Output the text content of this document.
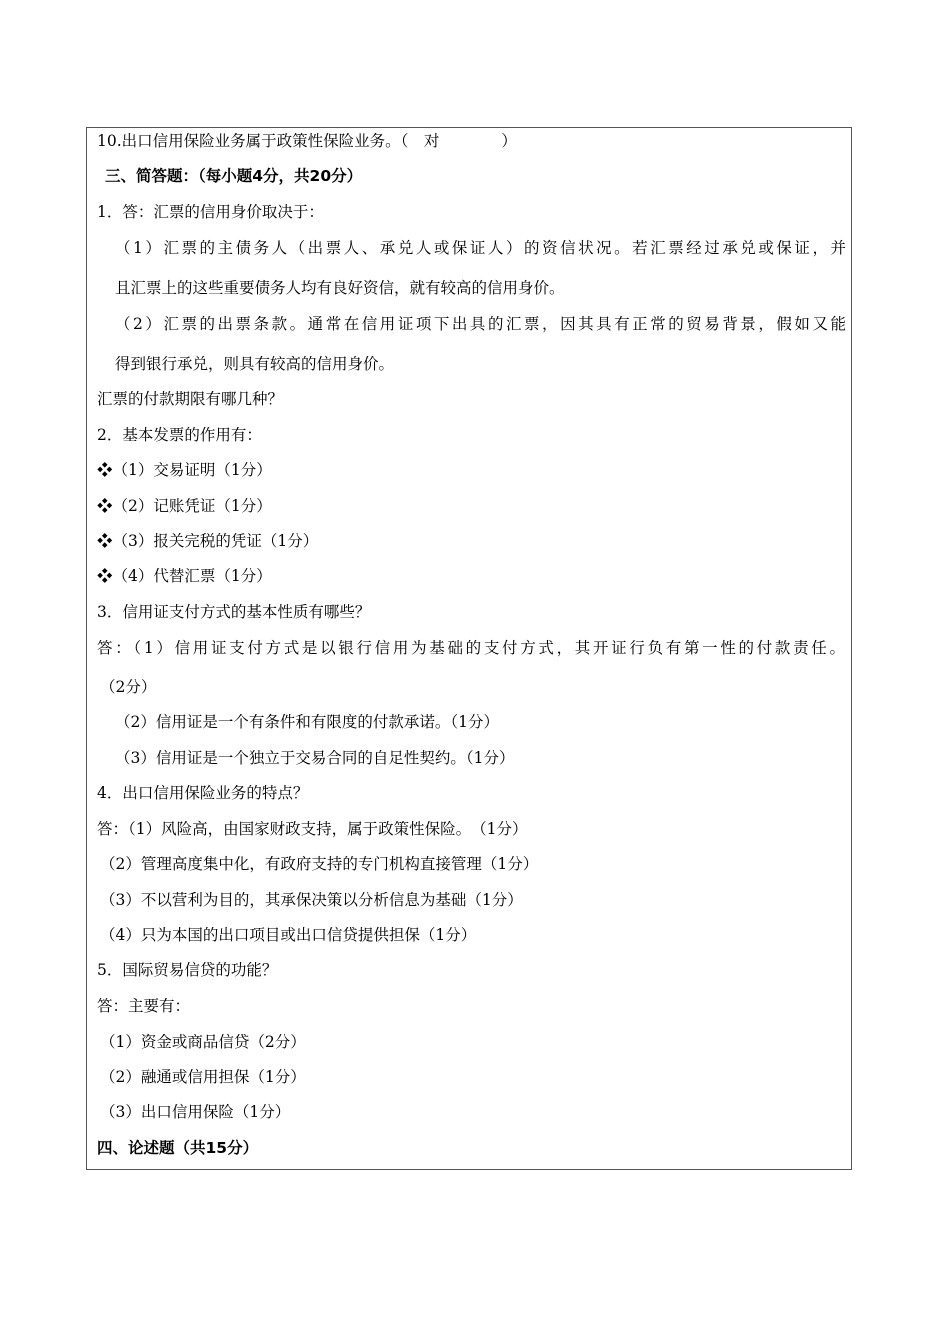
10.出口信用保险业务属于政策性保险业务。（　对　　　　）
三、简答题：（每小题4分，共20分）
1．答：汇票的信用身价取决于：
（1）汇票的主债务人（出票人、承兑人或保证人）的资信状况。若汇票经过承兑或保证，并
且汇票上的这些重要债务人均有良好资信，就有较高的信用身价。
（2）汇票的出票条款。通常在信用证项下出具的汇票，因其具有正常的贸易背景，假如又能
得到银行承兑，则具有较高的信用身价。
汇票的付款期限有哪几种？
2．基本发票的作用有：
❖（1）交易证明（1分）
❖（2）记账凭证（1分）
❖（3）报关完税的凭证（1分）
❖（4）代替汇票（1分）
3．信用证支付方式的基本性质有哪些？
答：（1）信用证支付方式是以银行信用为基础的支付方式，其开证行负有第一性的付款责任。
（2分）
（2）信用证是一个有条件和有限度的付款承诺。（1分）
（3）信用证是一个独立于交易合同的自足性契约。（1分）
4．出口信用保险业务的特点？
答：（1）风险高，由国家财政支持，属于政策性保险。　（1分）
（2）管理高度集中化，有政府支持的专门机构直接管理（1分）
（3）不以营利为目的，其承保决策以分析信息为基础（1分）
（4）只为本国的出口项目或出口信贷提供担保（1分）
5．国际贸易信贷的功能？
答：主要有：
（1）资金或商品信贷（2分）
（2）融通或信用担保（1分）
（3）出口信用保险（1分）
四、论述题（共15分）
